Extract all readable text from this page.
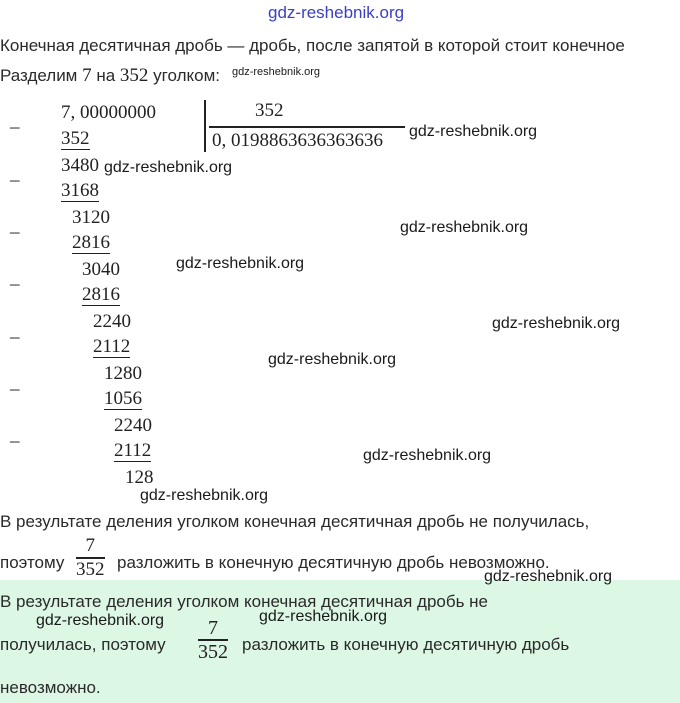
gdz-reshebnik.org
Конечная десятичная дробь — дробь, после запятой в которой стоит конечное
Разделим 7 на 352 уголком: gdz-reshebnik.org
7, 00000000	352
0, 0198863636363636 gdz-reshebnik.org
_
_
_
_
_
_
_
352
3480 gdz-reshebnik.org
3168
3120	gdz-reshebnik.org
2816
3040	gdz-reshebnik.org
2816
2240	gdz-reshebnik.org
2112
1280
gdz-reshebnik.org
1056
2240
2112
128
gdz-reshebnik.org
gdz-reshebnik.org
В результате деления уголком конечная десятичная дробь не получилась,
поэтому
7
352 разложить в конечную десятичную дробь невозможно.
gdz-reshebnik.org
В результате деления уголком конечная десятичная дробь не
gdz-reshebnik.org	gdz-reshebnik.org
получилась, поэтому
7
352 разложить в конечную десятичную дробь
невозможно.
